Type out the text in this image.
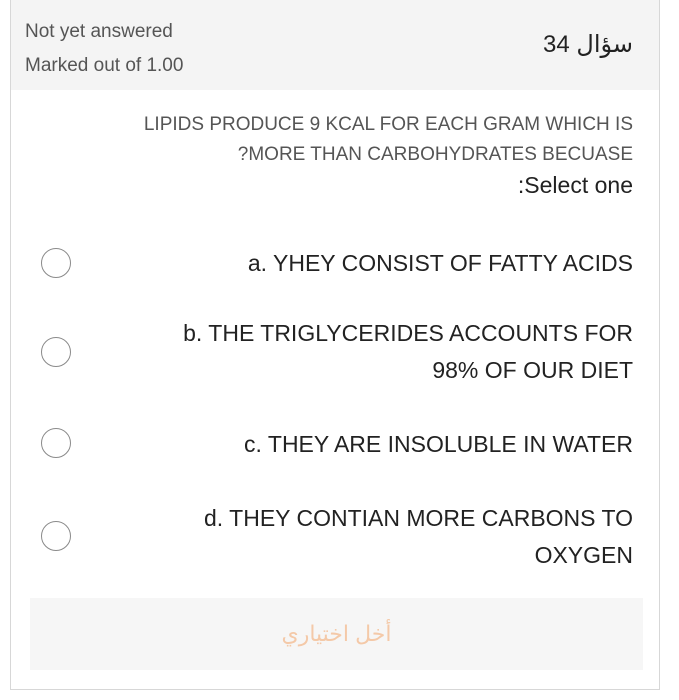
Not yet answered
Marked out of 1.00
سؤال 34
LIPIDS PRODUCE 9 KCAL FOR EACH GRAM WHICH IS
?MORE THAN CARBOHYDRATES BECUASE
:Select one
a. YHEY CONSIST OF FATTY ACIDS
b. THE TRIGLYCERIDES ACCOUNTS FOR
98% OF OUR DIET
c. THEY ARE INSOLUBLE IN WATER
d. THEY CONTIAN MORE CARBONS TO
OXYGEN
أخل اختياري
